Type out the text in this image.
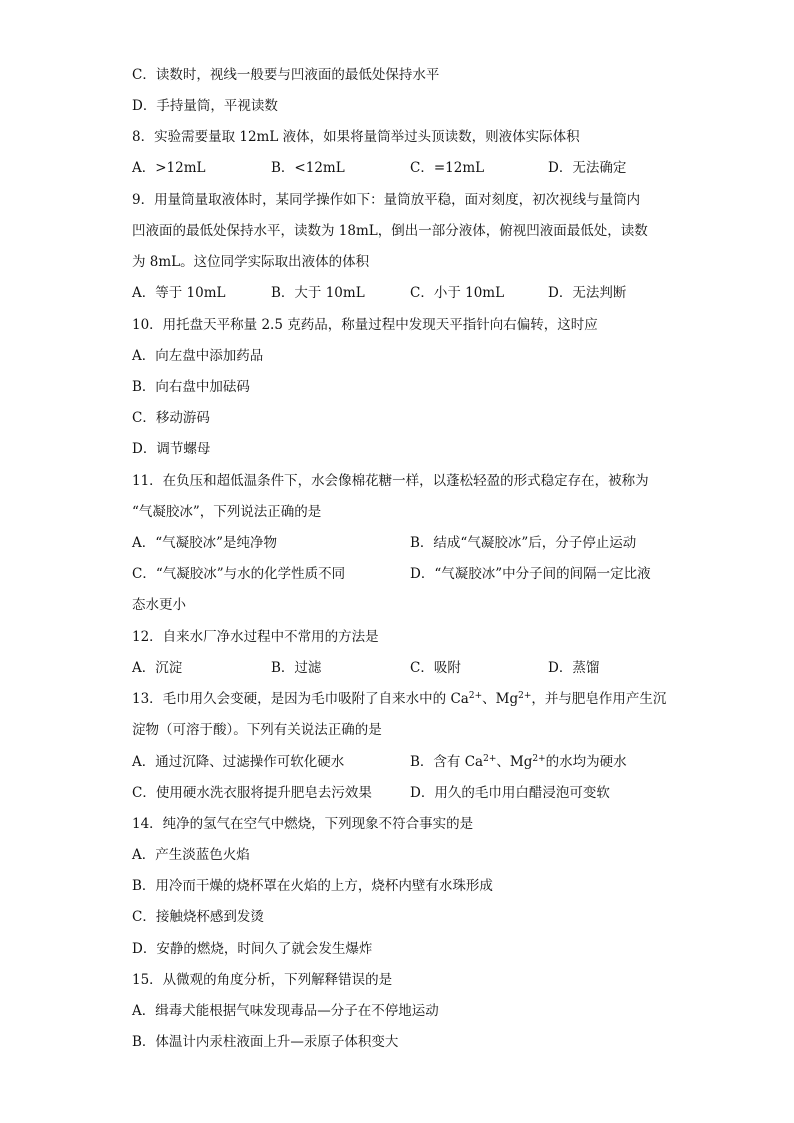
C．读数时，视线一般要与凹液面的最低处保持水平
D．手持量筒，平视读数
8．实验需要量取 12mL 液体，如果将量筒举过头顶读数，则液体实际体积
A．>12mL	B．<12mL	C．=12mL	D．无法确定
9．用量筒量取液体时，某同学操作如下：量筒放平稳，面对刻度，初次视线与量筒内
凹液面的最低处保持水平，读数为 18mL，倒出一部分液体，俯视凹液面最低处，读数
为 8mL。这位同学实际取出液体的体积
A．等于 10mL	B．大于 10mL	C．小于 10mL	D．无法判断
10．用托盘天平称量 2.5 克药品，称量过程中发现天平指针向右偏转，这时应
A．向左盘中添加药品
B．向右盘中加砝码
C．移动游码
D．调节螺母
11．在负压和超低温条件下，水会像棉花糖一样，以蓬松轻盈的形式稳定存在，被称为
“气凝胶冰”，下列说法正确的是
A．“气凝胶冰”是纯净物	B．结成“气凝胶冰”后，分子停止运动
C．“气凝胶冰”与水的化学性质不同	D．“气凝胶冰”中分子间的间隔一定比液
态水更小
12．自来水厂净水过程中不常用的方法是
A．沉淀	B．过滤	C．吸附	D．蒸馏
13．毛巾用久会变硬，是因为毛巾吸附了自来水中的 $Ca^{2+}$、$Mg^{2+}$，并与肥皂作用产生沉
淀物（可溶于酸）。下列有关说法正确的是
A．通过沉降、过滤操作可软化硬水	B．含有 $Ca^{2+}$、$Mg^{2+}$的水均为硬水
C．使用硬水洗衣服将提升肥皂去污效果	D．用久的毛巾用白醋浸泡可变软
14．纯净的氢气在空气中燃烧，下列现象不符合事实的是
A．产生淡蓝色火焰
B．用冷而干燥的烧杯罩在火焰的上方，烧杯内壁有水珠形成
C．接触烧杯感到发烫
D．安静的燃烧，时间久了就会发生爆炸
15．从微观的角度分析，下列解释错误的是
A．缉毒犬能根据气味发现毒品—分子在不停地运动
B．体温计内汞柱液面上升—汞原子体积变大
